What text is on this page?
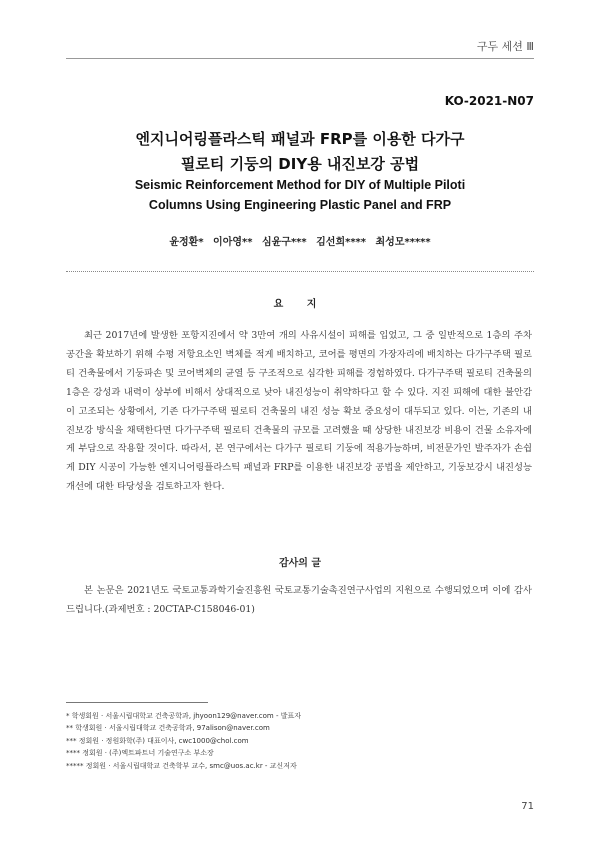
구두 세션 Ⅲ
KO-2021-N07
엔지니어링플라스틱 패널과 FRP를 이용한 다가구
필로티 기둥의 DIY용 내진보강 공법
Seismic Reinforcement Method for DIY of Multiple Piloti
Columns Using Engineering Plastic Panel and FRP
윤정환* 이아영** 심윤구*** 김선희**** 최성모*****
요 지

최근 2017년에 발생한 포항지진에서 약 3만여 개의 사유시설이 피해를 입었고, 그 중 일반적으로 1층의 주차 공간을 확보하기 위해 수평 저항요소인 벽체를 적게 배치하고, 코어를 평면의 가장자리에 배치하는 다가구주택 필로티 건축물에서 기둥파손 및 코어벽체의 균열 등 구조적으로 심각한 피해를 경험하였다. 다가구주택 필로티 건축물의 1층은 강성과 내력이 상부에 비해서 상대적으로 낮아 내진성능이 취약하다고 할 수 있다. 지진 피해에 대한 불안감이 고조되는 상황에서, 기존 다가구주택 필로티 건축물의 내진 성능 확보 중요성이 대두되고 있다. 이는, 기존의 내진보강 방식을 채택한다면 다가구주택 필로티 건축물의 규모를 고려했을 때 상당한 내진보강 비용이 건물 소유자에게 부담으로 작용할 것이다. 따라서, 본 연구에서는 다가구 필로티 기둥에 적용가능하며, 비전문가인 발주자가 손쉽게 DIY 시공이 가능한 엔지니어링플라스틱 패널과 FRP를 이용한 내진보강 공법을 제안하고, 기둥보강시 내진성능 개선에 대한 타당성을 검토하고자 한다.

감사의 글

본 논문은 2021년도 국토교통과학기술진흥원 국토교통기술촉진연구사업의 지원으로 수행되었으며 이에 감사드립니다.(과제번호 : 20CTAP-C158046-01)

* 학생회원 · 서울시립대학교 건축공학과, jhyoon129@naver.com - 발표자
** 학생회원 · 서울시립대학교 건축공학과, 97alison@naver.com
*** 정회원 · 정원화학(주) 대표이사, cwc1000@chol.com
**** 정회원 · (주)엑트파트너 기술연구소 부소장
***** 정회원 · 서울시립대학교 건축학부 교수, smc@uos.ac.kr - 교신저자
71
